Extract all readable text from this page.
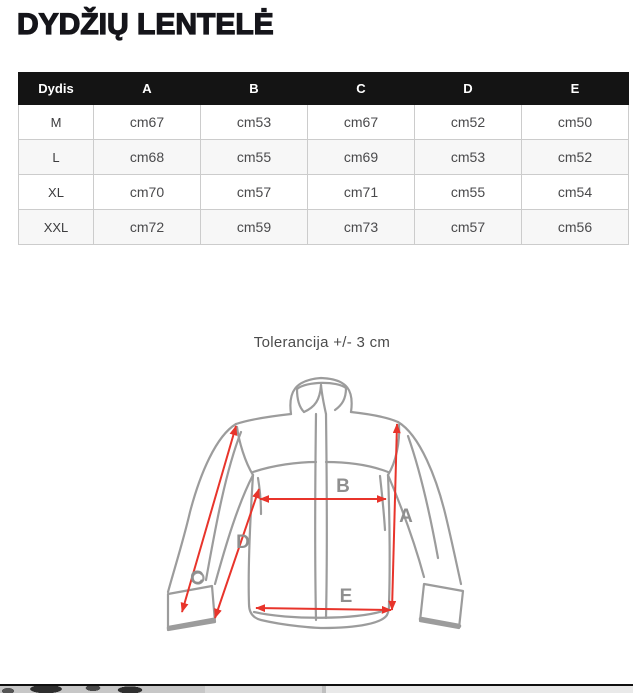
DYDŽIŲ LENTELĖ
Dydis	A	B	C	D	E
M	cm67	cm53	cm67	cm52	cm50
L	cm68	cm55	cm69	cm53	cm52
XL	cm70	cm57	cm71	cm55	cm54
XXL	cm72	cm59	cm73	cm57	cm56
Tolerancija +/- 3 cm
A
B
C
D
E
